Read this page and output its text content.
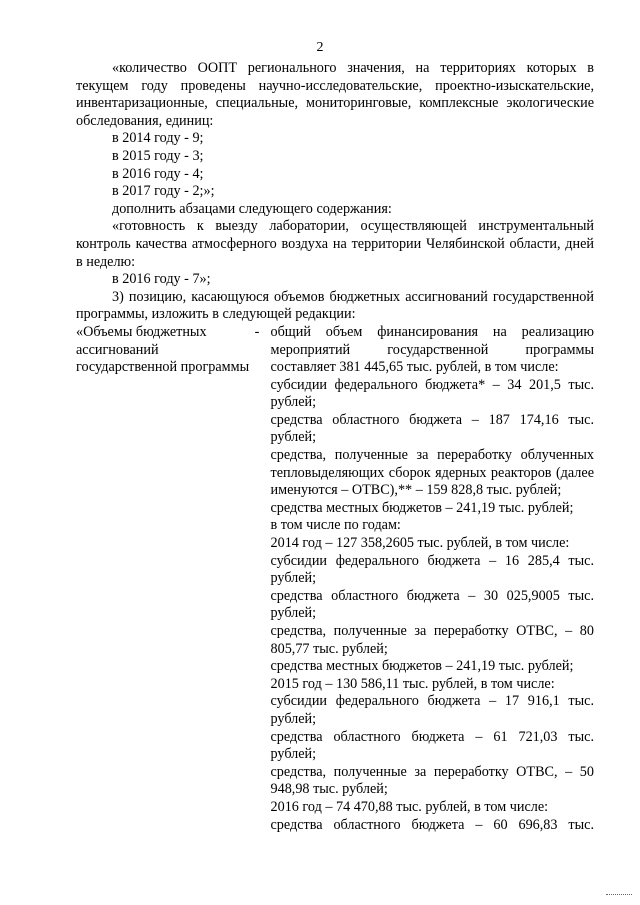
2

«количество ООПТ регионального значения, на территориях которых в текущем году проведены научно-исследовательские, проектно-изыскательские, инвентаризационные, специальные, мониторинговые, комплексные экологические обследования, единиц:

в 2014 году - 9;

в 2015 году - 3;

в 2016 году - 4;

в 2017 году - 2;»;

дополнить абзацами следующего содержания:

«готовность к выезду лаборатории, осуществляющей инструментальный контроль качества атмосферного воздуха на территории Челябинской области, дней в неделю:

в 2016 году - 7»;

3) позицию, касающуюся объемов бюджетных ассигнований государственной программы, изложить в следующей редакции:

«Объемы бюджетных ассигнований государственной программы
- общий объем финансирования на реализацию мероприятий государственной программы составляет 381 445,65 тыс. рублей, в том числе:

субсидии федерального бюджета* – 34 201,5 тыс. рублей;

средства областного бюджета – 187 174,16 тыс. рублей;

средства, полученные за переработку облученных тепловыделяющих сборок ядерных реакторов (далее именуются – ОТВС),** – 159 828,8 тыс. рублей;

средства местных бюджетов – 241,19 тыс. рублей;

в том числе по годам:

2014 год – 127 358,2605 тыс. рублей, в том числе:

субсидии федерального бюджета – 16 285,4 тыс. рублей;

средства областного бюджета – 30 025,9005 тыс. рублей;

средства, полученные за переработку ОТВС, – 80 805,77 тыс. рублей;

средства местных бюджетов – 241,19 тыс. рублей;

2015 год – 130 586,11 тыс. рублей, в том числе:

субсидии федерального бюджета – 17 916,1 тыс. рублей;

средства областного бюджета – 61 721,03 тыс. рублей;

средства, полученные за переработку ОТВС, – 50 948,98 тыс. рублей;

2016 год – 74 470,88 тыс. рублей, в том числе:

средства областного бюджета – 60 696,83 тыс.
